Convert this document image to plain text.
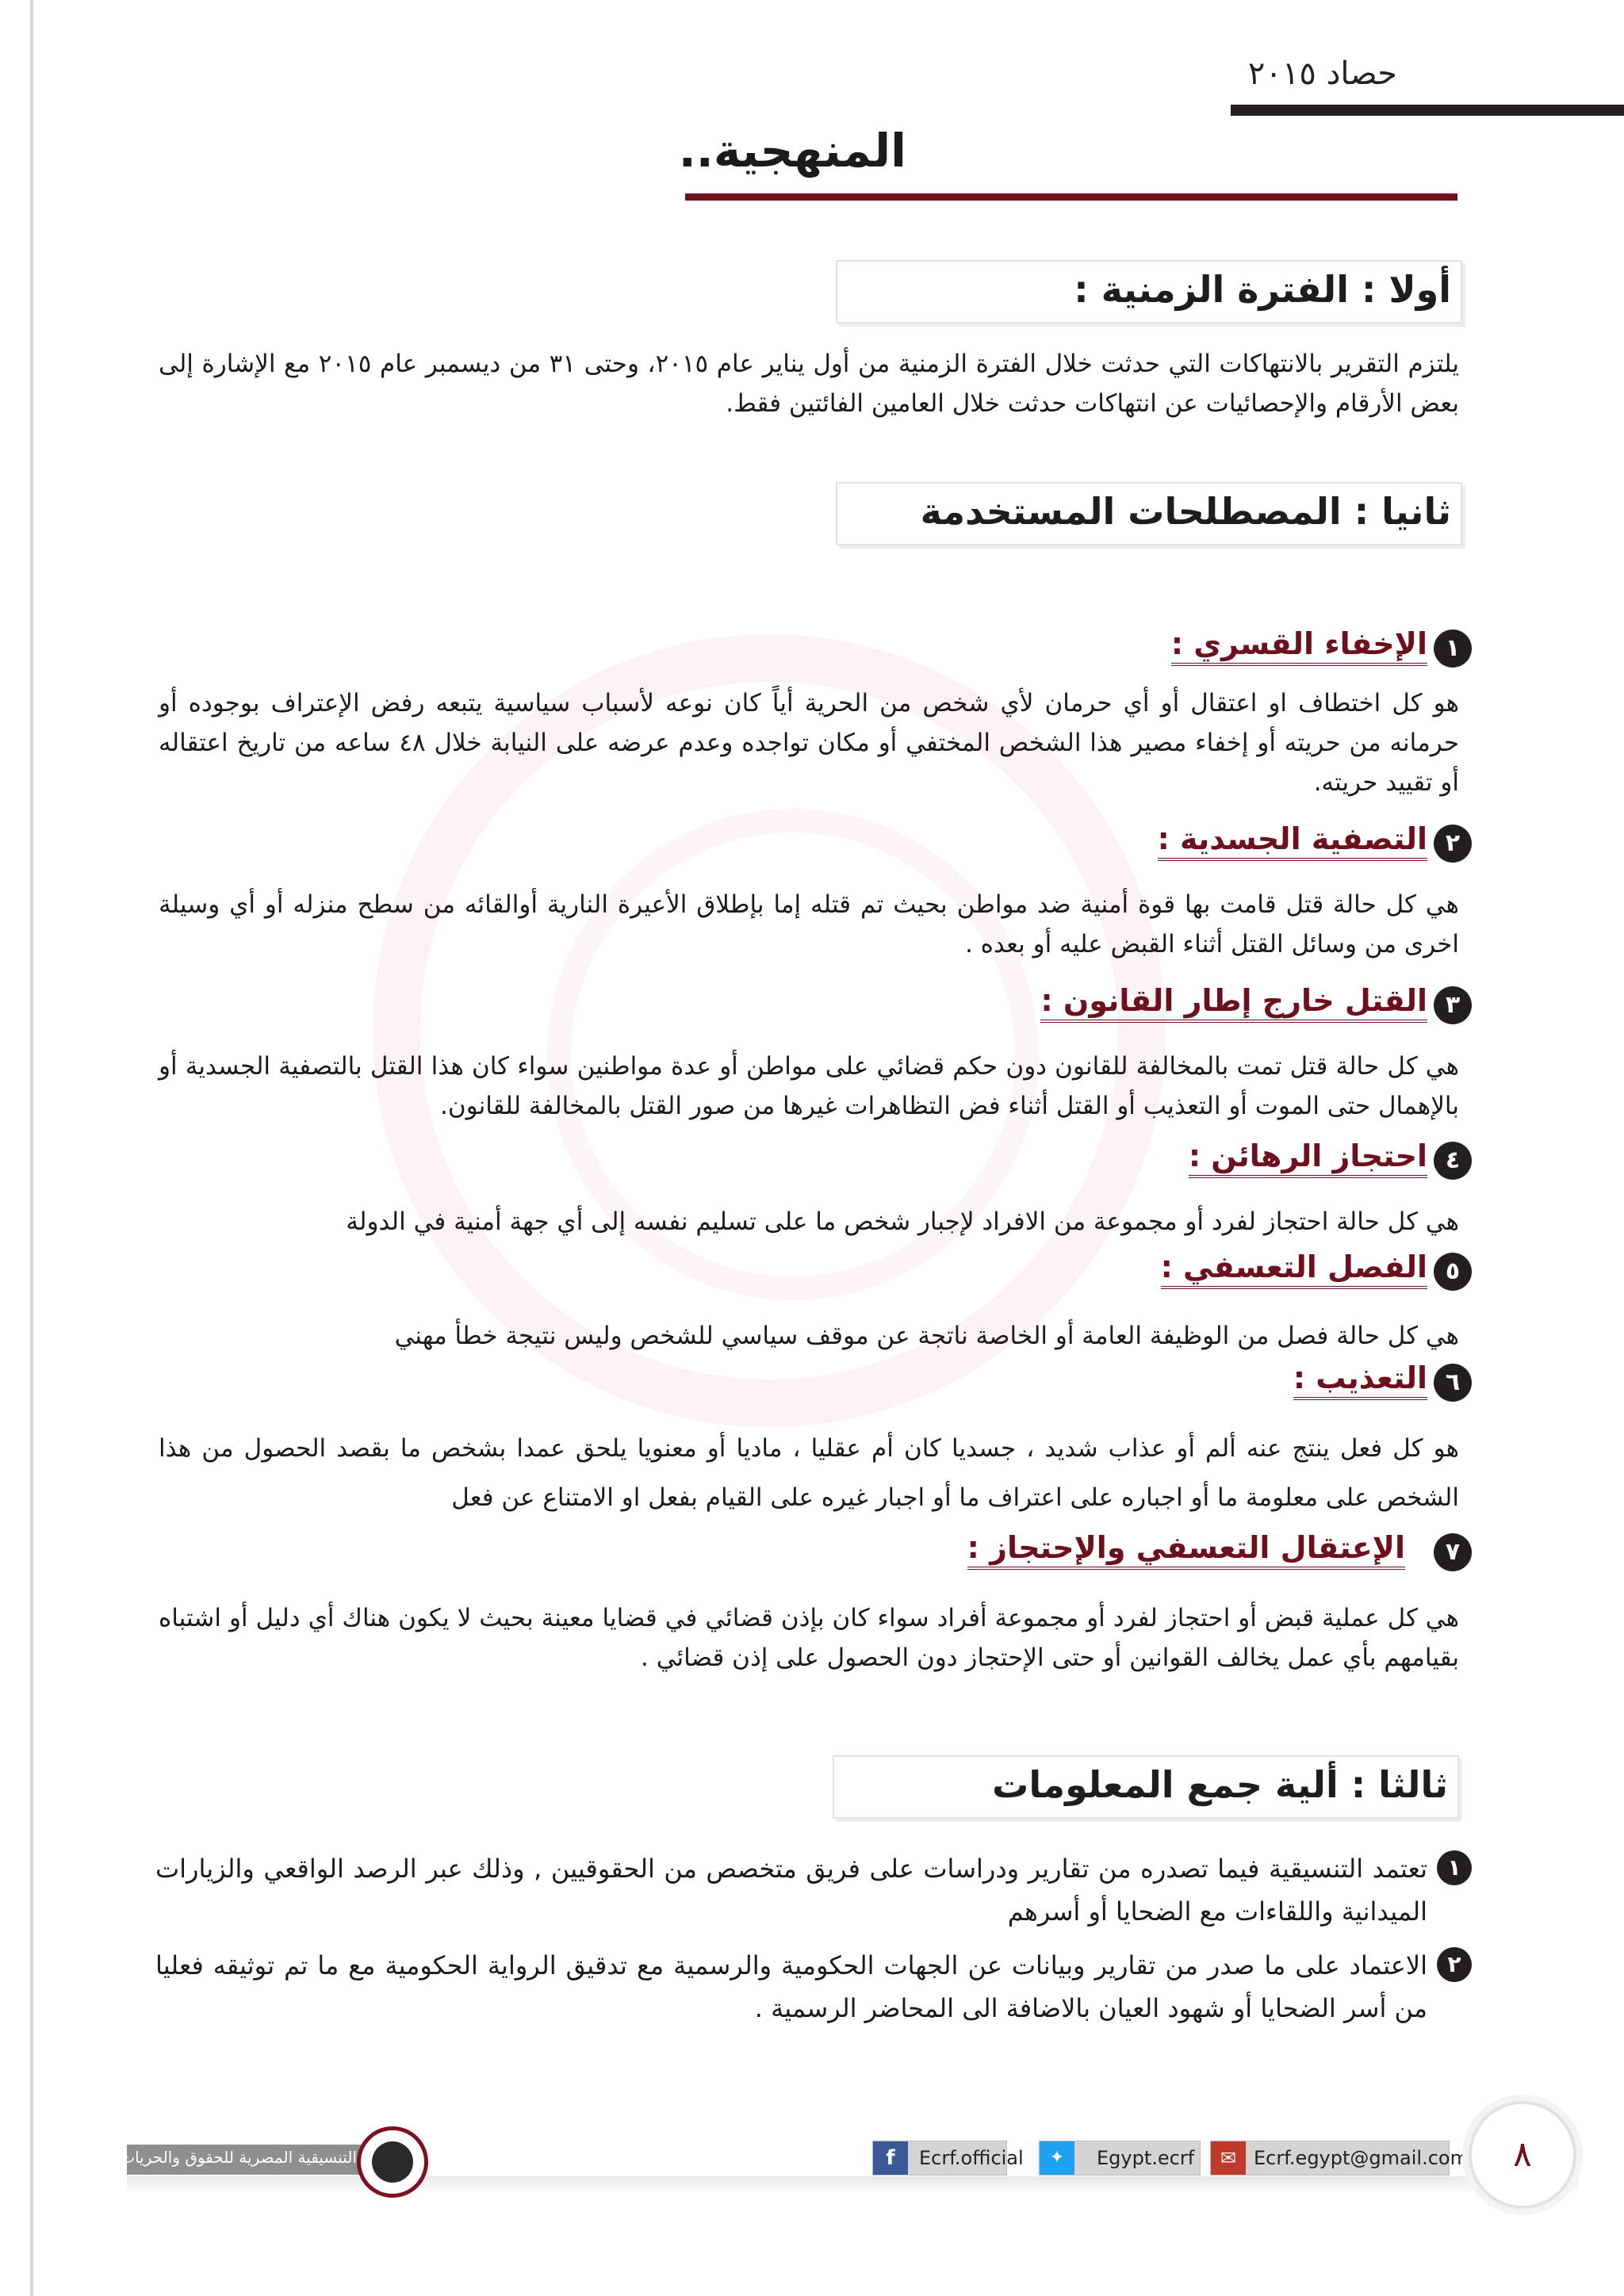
حصاد ٢٠١٥
المنهجية..
أولا : الفترة الزمنية :
يلتزم التقرير بالانتهاكات التي حدثت خلال الفترة الزمنية من أول يناير عام ٢٠١٥، وحتى ٣١ من ديسمبر عام ٢٠١٥ مع الإشارة إلى بعض الأرقام والإحصائيات عن انتهاكات حدثت خلال العامين الفائتين فقط.
ثانيا : المصطلحات المستخدمة
١
الإخفاء القسري :
هو كل اختطاف او اعتقال أو أي حرمان لأي شخص من الحرية أياً كان نوعه لأسباب سياسية يتبعه رفض الإعتراف بوجوده أو حرمانه من حريته أو إخفاء مصير هذا الشخص المختفي أو مكان تواجده وعدم عرضه على النيابة خلال ٤٨ ساعه من تاريخ اعتقاله أو تقييد حريته.
٢
التصفية الجسدية :
هي كل حالة قتل قامت بها قوة أمنية ضد مواطن بحيث تم قتله إما بإطلاق الأعيرة النارية أوالقائه من سطح منزله أو أي وسيلة اخرى من وسائل القتل أثناء القبض عليه أو بعده .
٣
القتل خارج إطار القانون :
هي كل حالة قتل تمت بالمخالفة للقانون دون حكم قضائي على مواطن أو عدة مواطنين سواء كان هذا القتل بالتصفية الجسدية أو بالإهمال حتى الموت أو التعذيب أو القتل أثناء فض التظاهرات غيرها من صور القتل بالمخالفة للقانون.
٤
احتجاز الرهائن :
هي كل حالة احتجاز لفرد أو مجموعة من الافراد لإجبار شخص ما على تسليم نفسه إلى أي جهة أمنية في الدولة
٥
الفصل التعسفي :
هي كل حالة فصل من الوظيفة العامة أو الخاصة ناتجة عن موقف سياسي للشخص وليس نتيجة خطأ مهني
٦
التعذيب :
هو كل فعل ينتج عنه ألم أو عذاب شديد ، جسديا كان أم عقليا ، ماديا أو معنويا يلحق عمدا بشخص ما بقصد الحصول من هذا الشخص على معلومة ما أو اجباره على اعتراف ما أو اجبار غيره على القيام بفعل او الامتناع عن فعل
٧
الإعتقال التعسفي والإحتجاز :
هي كل عملية قبض أو احتجاز لفرد أو مجموعة أفراد سواء كان بإذن قضائي في قضايا معينة بحيث لا يكون هناك أي دليل أو اشتباه بقيامهم بأي عمل يخالف القوانين أو حتى الإحتجاز دون الحصول على إذن قضائي .
ثالثا : ألية جمع المعلومات
١
تعتمد التنسيقية فيما تصدره من تقارير ودراسات على فريق متخصص من الحقوقيين , وذلك عبر الرصد الواقعي والزيارات الميدانية واللقاءات مع الضحايا أو أسرهم
٢
الاعتماد على ما صدر من تقارير وبيانات عن الجهات الحكومية والرسمية مع تدقيق الرواية الحكومية مع ما تم توثيقه فعليا من أسر الضحايا أو شهود العيان بالاضافة الى المحاضر الرسمية .
التنسيقية المصرية للحقوق والحريات	f	Ecrf.official	✦	Egypt.ecrf	✉ Ecrf.egypt@gmail.com	٨
